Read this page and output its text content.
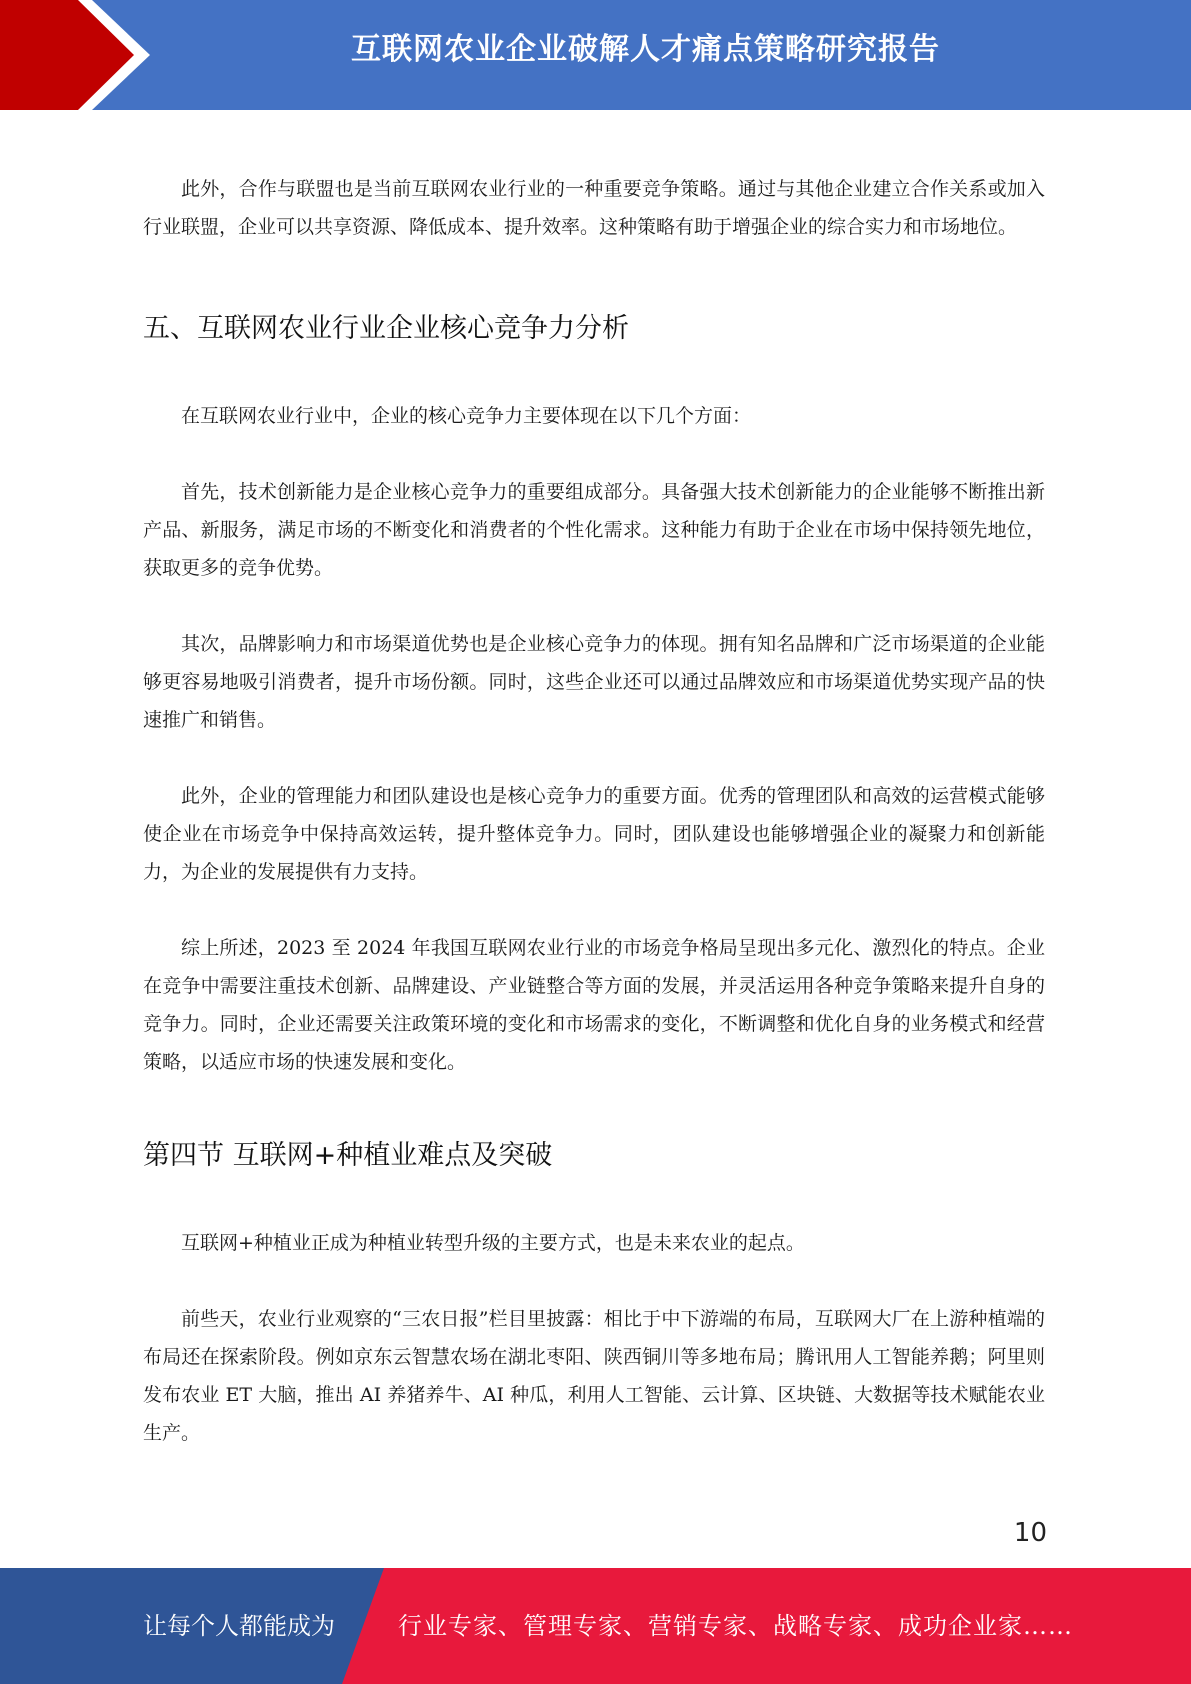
互联网农业企业破解人才痛点策略研究报告

此外，合作与联盟也是当前互联网农业行业的一种重要竞争策略。通过与其他企业建立合作关系或加入行业联盟，企业可以共享资源、降低成本、提升效率。这种策略有助于增强企业的综合实力和市场地位。

五、互联网农业行业企业核心竞争力分析

在互联网农业行业中，企业的核心竞争力主要体现在以下几个方面：

首先，技术创新能力是企业核心竞争力的重要组成部分。具备强大技术创新能力的企业能够不断推出新产品、新服务，满足市场的不断变化和消费者的个性化需求。这种能力有助于企业在市场中保持领先地位，获取更多的竞争优势。

其次，品牌影响力和市场渠道优势也是企业核心竞争力的体现。拥有知名品牌和广泛市场渠道的企业能够更容易地吸引消费者，提升市场份额。同时，这些企业还可以通过品牌效应和市场渠道优势实现产品的快速推广和销售。

此外，企业的管理能力和团队建设也是核心竞争力的重要方面。优秀的管理团队和高效的运营模式能够使企业在市场竞争中保持高效运转，提升整体竞争力。同时，团队建设也能够增强企业的凝聚力和创新能力，为企业的发展提供有力支持。

综上所述，2023 至 2024 年我国互联网农业行业的市场竞争格局呈现出多元化、激烈化的特点。企业在竞争中需要注重技术创新、品牌建设、产业链整合等方面的发展，并灵活运用各种竞争策略来提升自身的竞争力。同时，企业还需要关注政策环境的变化和市场需求的变化，不断调整和优化自身的业务模式和经营策略，以适应市场的快速发展和变化。

第四节 互联网+种植业难点及突破

互联网+种植业正成为种植业转型升级的主要方式，也是未来农业的起点。

前些天，农业行业观察的“三农日报”栏目里披露：相比于中下游端的布局，互联网大厂在上游种植端的布局还在探索阶段。例如京东云智慧农场在湖北枣阳、陕西铜川等多地布局；腾讯用人工智能养鹅；阿里则发布农业 ET 大脑，推出 AI 养猪养牛、AI 种瓜，利用人工智能、云计算、区块链、大数据等技术赋能农业生产。

10
让每个人都能成为	行业专家、管理专家、营销专家、战略专家、成功企业家……
